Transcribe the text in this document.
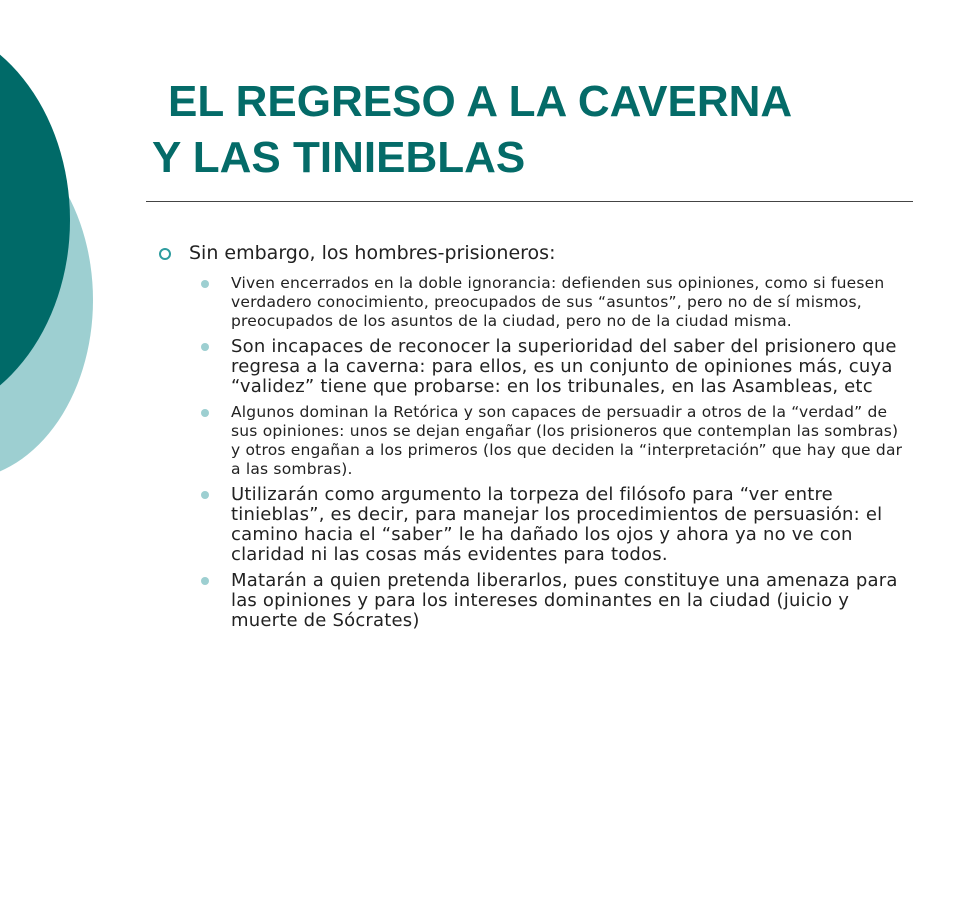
EL REGRESO A LA CAVERNA
Y LAS TINIEBLAS
Sin embargo, los hombres-prisioneros:
Viven encerrados en la doble ignorancia: defienden sus opiniones, como si fuesen verdadero conocimiento, preocupados de sus “asuntos”, pero no de sí mismos, preocupados de los asuntos de la ciudad, pero no de la ciudad misma.
Son incapaces de reconocer la superioridad del saber del prisionero que regresa a la caverna: para ellos, es un conjunto de opiniones más, cuya “validez” tiene que probarse: en los tribunales, en las Asambleas, etc
Algunos dominan la Retórica y son capaces de persuadir a otros de la “verdad” de sus opiniones: unos se dejan engañar (los prisioneros que contemplan las sombras) y otros engañan a los primeros (los que deciden la “interpretación” que hay que dar a las sombras).
Utilizarán como argumento la torpeza del filósofo para “ver entre tinieblas”, es decir, para manejar los procedimientos de persuasión: el camino hacia el “saber” le ha dañado los ojos y ahora ya no ve con claridad ni las cosas más evidentes para todos.
Matarán a quien pretenda liberarlos, pues constituye una amenaza para las opiniones y para los intereses dominantes en la ciudad (juicio y muerte de Sócrates)
